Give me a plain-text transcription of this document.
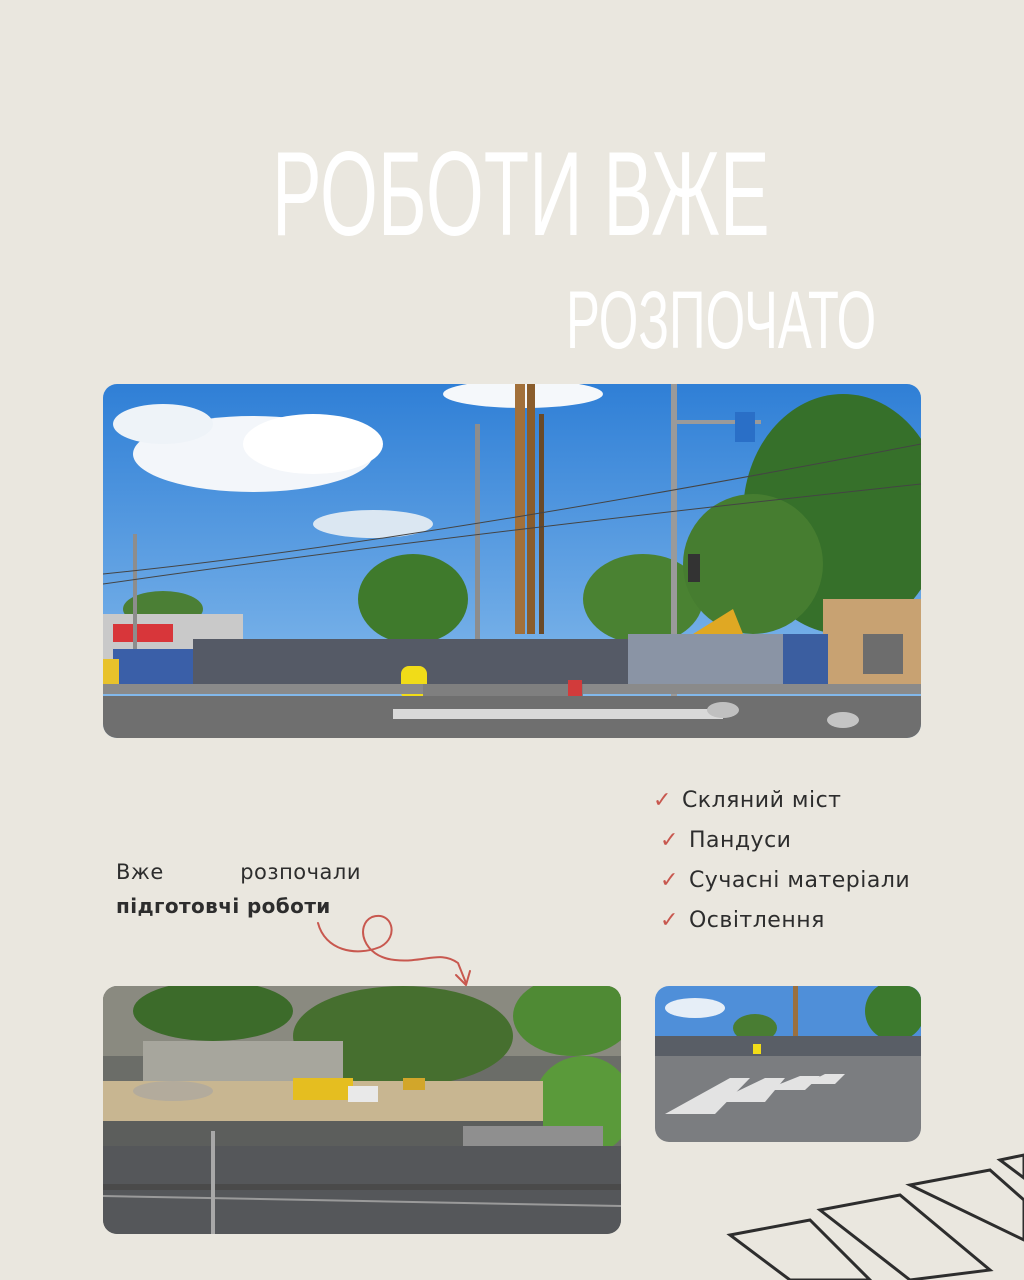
РОБОТИ ВЖЕ
РОЗПОЧАТО
✓ Скляний міст
✓ Пандуси
✓ Сучасні матеріали
✓ Освітлення
Вже	розпочали
підготовчі роботи
